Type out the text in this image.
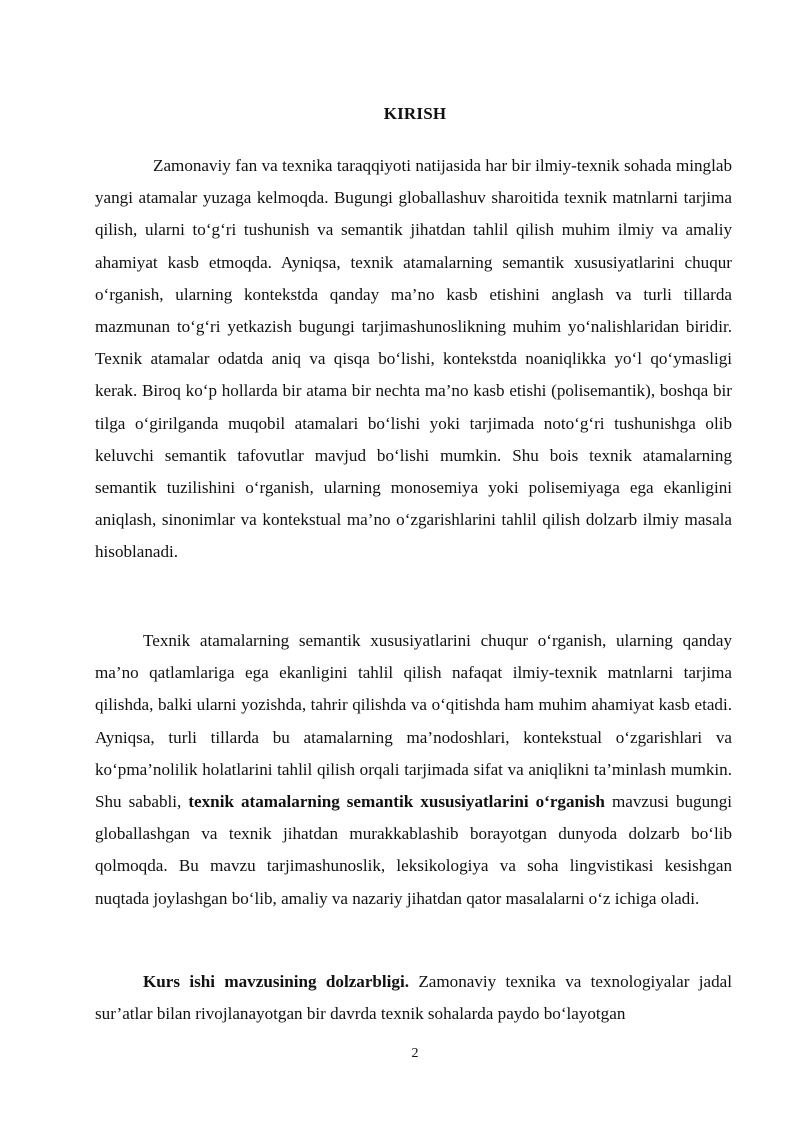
KIRISH

Zamonaviy fan va texnika taraqqiyoti natijasida har bir ilmiy-texnik sohada minglab yangi atamalar yuzaga kelmoqda. Bugungi globallashuv sharoitida texnik matnlarni tarjima qilish, ularni to‘g‘ri tushunish va semantik jihatdan tahlil qilish muhim ilmiy va amaliy ahamiyat kasb etmoqda. Ayniqsa, texnik atamalarning semantik xususiyatlarini chuqur o‘rganish, ularning kontekstda qanday ma’no kasb etishini anglash va turli tillarda mazmunan to‘g‘ri yetkazish bugungi tarjimashunoslikning muhim yo‘nalishlaridan biridir. Texnik atamalar odatda aniq va qisqa bo‘lishi, kontekstda noaniqlikka yo‘l qo‘ymasligi kerak. Biroq ko‘p hollarda bir atama bir nechta ma’no kasb etishi (polisemantik), boshqa bir tilga o‘girilganda muqobil atamalari bo‘lishi yoki tarjimada noto‘g‘ri tushunishga olib keluvchi semantik tafovutlar mavjud bo‘lishi mumkin. Shu bois texnik atamalarning semantik tuzilishini o‘rganish, ularning monosemiya yoki polisemiyaga ega ekanligini aniqlash, sinonimlar va kontekstual ma’no o‘zgarishlarini tahlil qilish dolzarb ilmiy masala hisoblanadi.

Texnik atamalarning semantik xususiyatlarini chuqur o‘rganish, ularning qanday ma’no qatlamlariga ega ekanligini tahlil qilish nafaqat ilmiy-texnik matnlarni tarjima qilishda, balki ularni yozishda, tahrir qilishda va o‘qitishda ham muhim ahamiyat kasb etadi. Ayniqsa, turli tillarda bu atamalarning ma’nodoshlari, kontekstual o‘zgarishlari va ko‘pma’nolilik holatlarini tahlil qilish orqali tarjimada sifat va aniqlikni ta’minlash mumkin. Shu sababli, texnik atamalarning semantik xususiyatlarini o‘rganish mavzusi bugungi globallashgan va texnik jihatdan murakkablashib borayotgan dunyoda dolzarb bo‘lib qolmoqda. Bu mavzu tarjimashunoslik, leksikologiya va soha lingvistikasi kesishgan nuqtada joylashgan bo‘lib, amaliy va nazariy jihatdan qator masalalarni o‘z ichiga oladi.

Kurs ishi mavzusining dolzarbligi. Zamonaviy texnika va texnologiyalar jadal sur’atlar bilan rivojlanayotgan bir davrda texnik sohalarda paydo bo‘layotgan

2
